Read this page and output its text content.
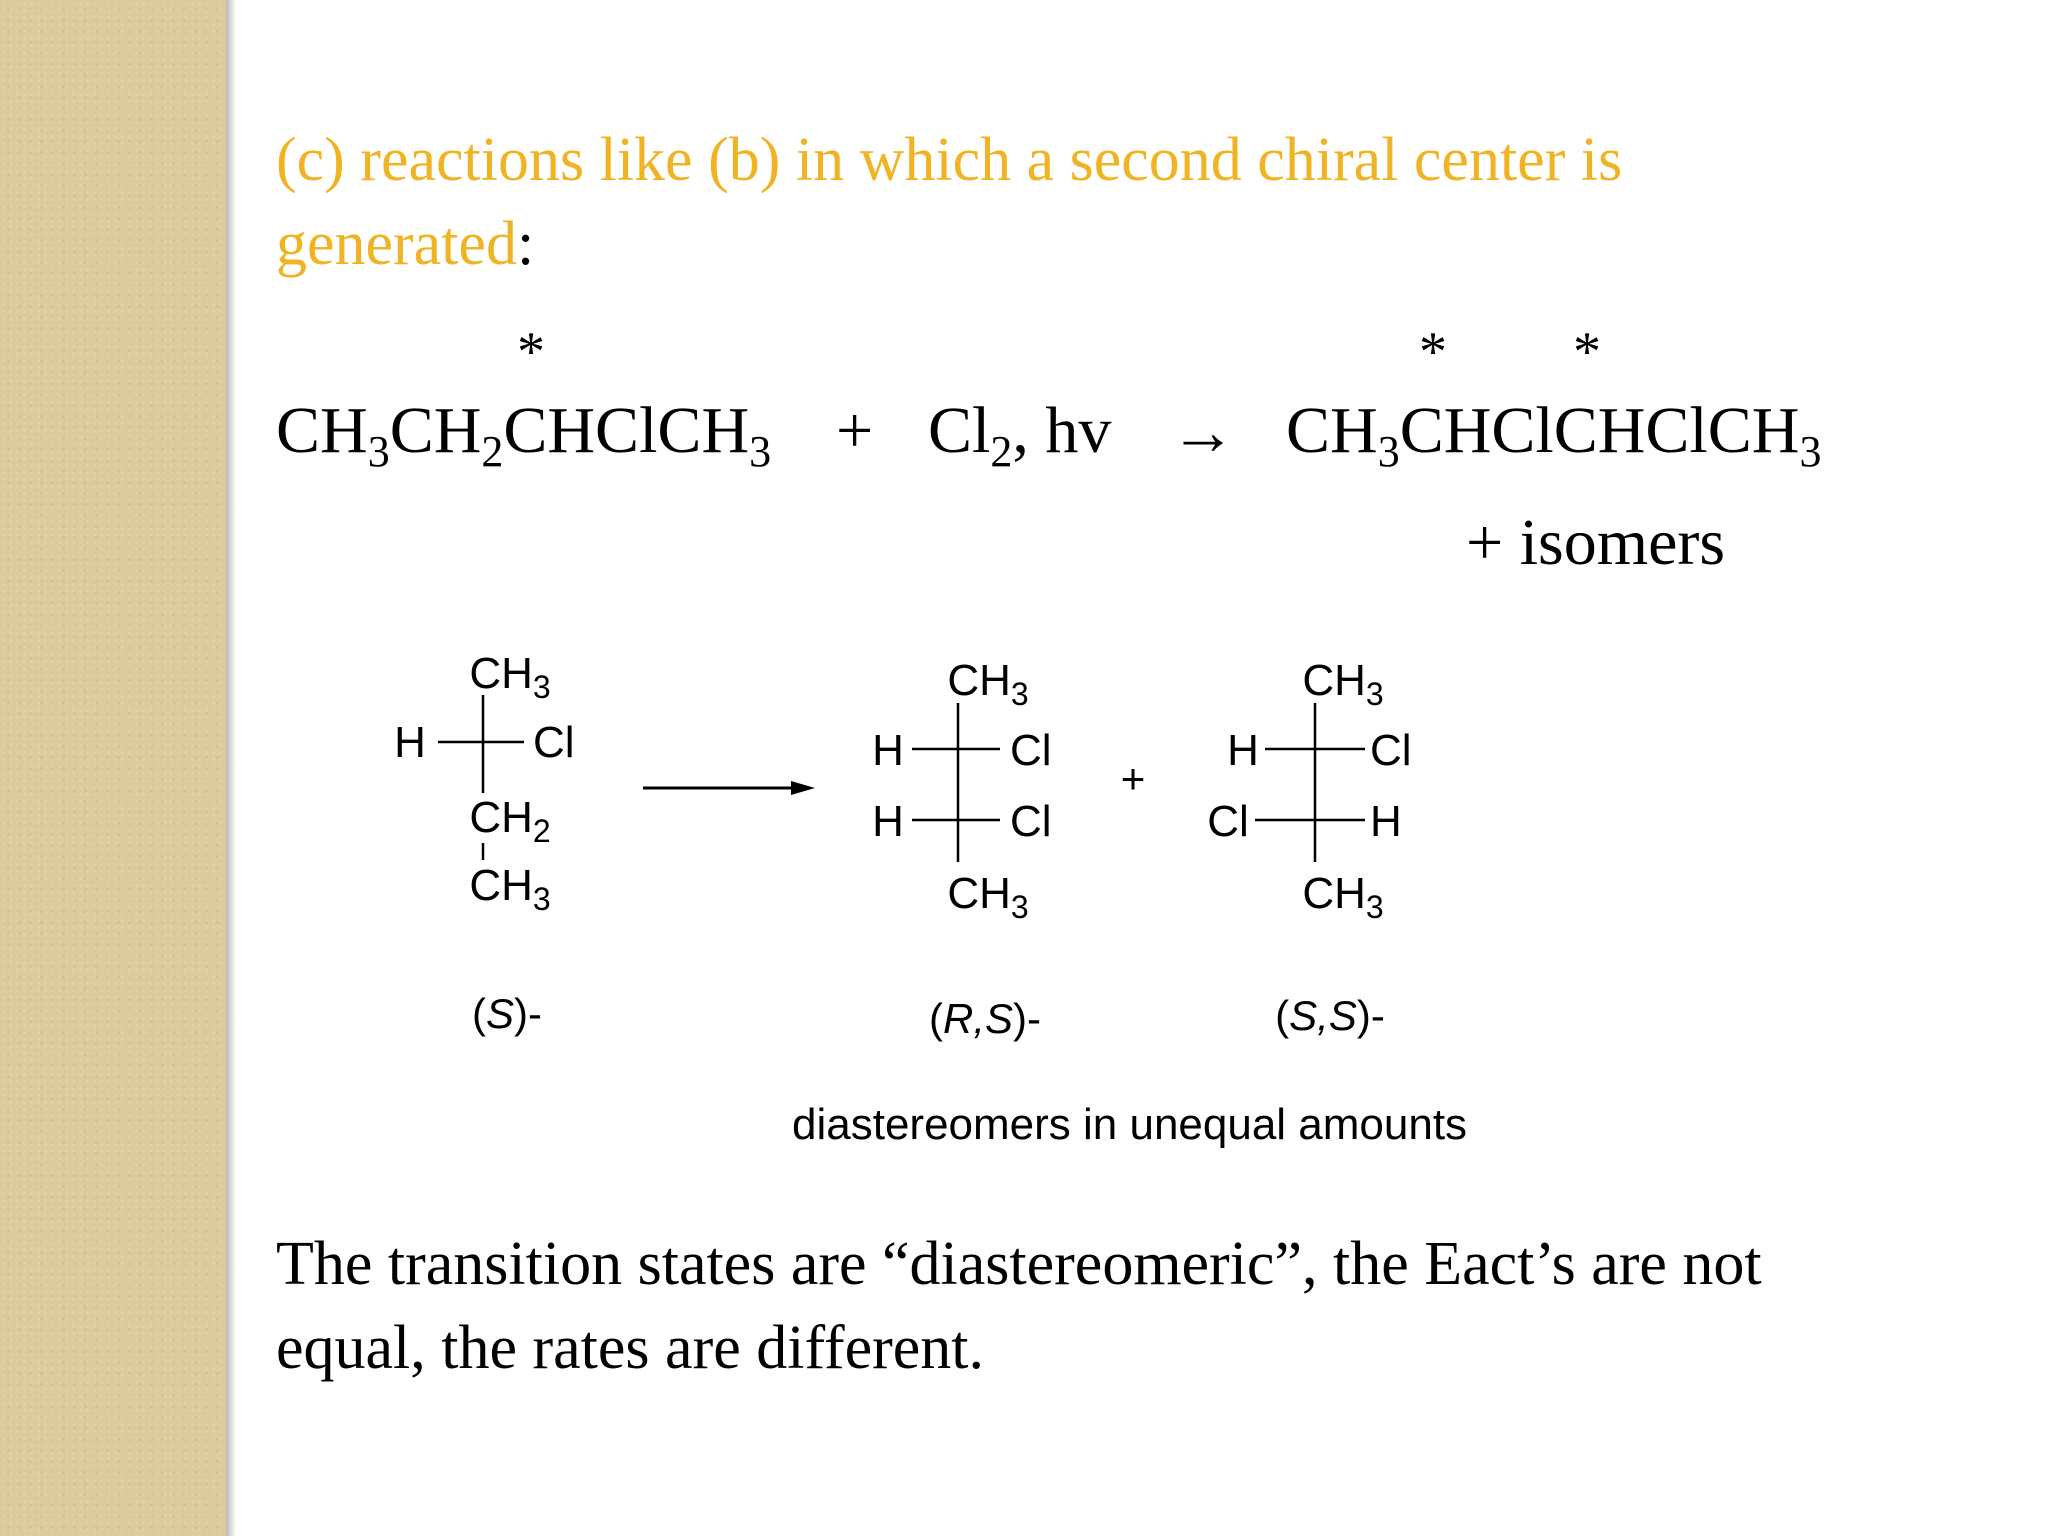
(c) reactions like (b) in which a second chiral center is generated:
*	* *
$CH_3CH_2CHClCH_3 + Cl_2$, hv → $CH_3CHClCHClCH_3$
+ isomers
$CH_3$
H Cl
$CH_2$
$CH_3$
(S)-
$CH_3$
H Cl
H Cl
$CH_3$
(R,S)-
+
$CH_3$
H	Cl
Cl	H
$CH_3$
(S,S)-
diastereomers in unequal amounts
The transition states are “diastereomeric”, the Eact’s are not equal, the rates are different.
